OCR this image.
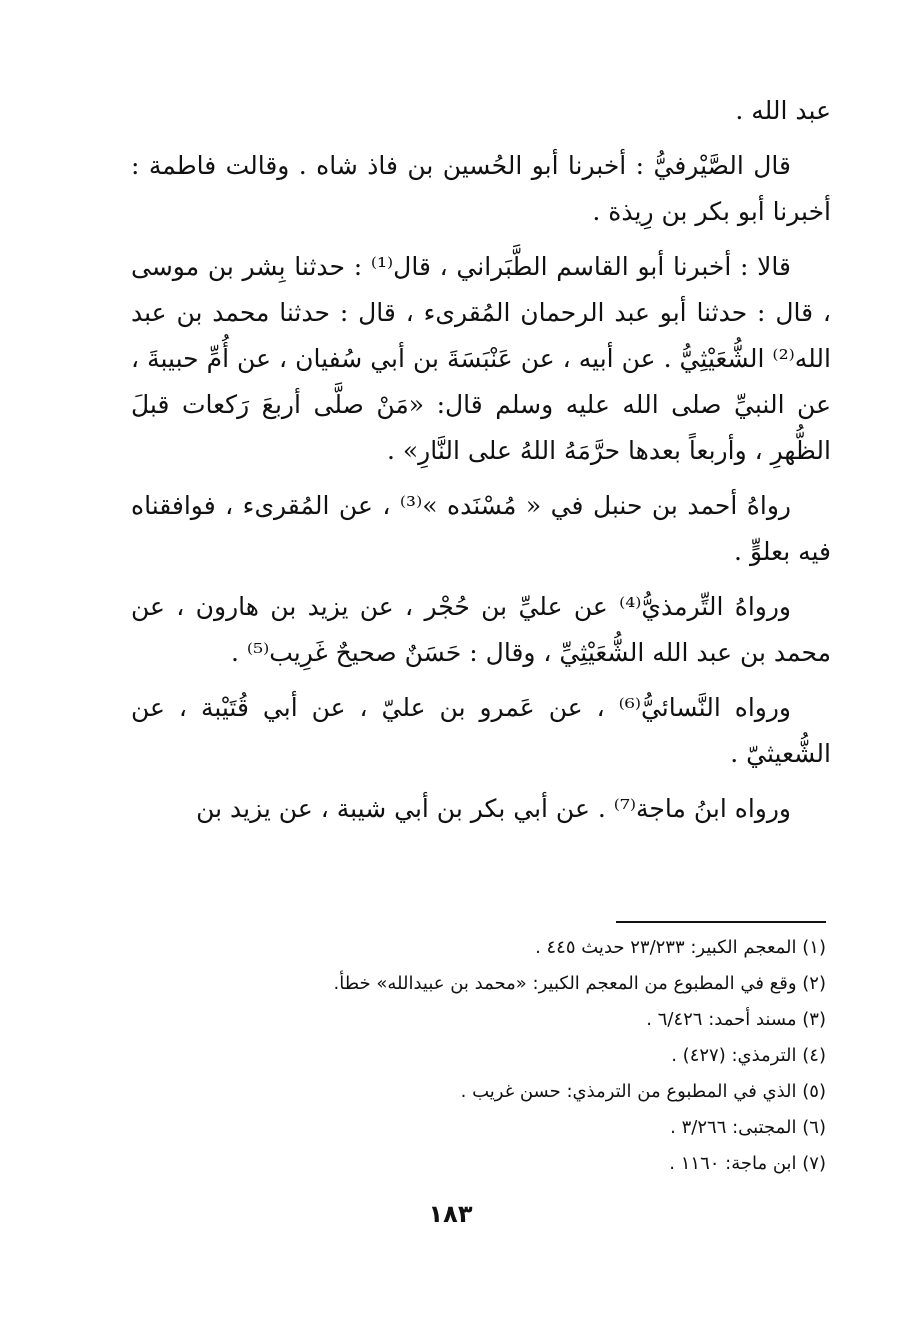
عبد الله .

قال الصَّيْرفيُّ : أخبرنا أبو الحُسين بن فاذ شاه . وقالت فاطمة : أخبرنا أبو بكر بن رِيذة .

قالا : أخبرنا أبو القاسم الطَّبَراني ، قال⁽¹⁾ : حدثنا بِشر بن موسى ، قال : حدثنا أبو عبد الرحمان المُقرىء ، قال : حدثنا محمد بن عبد الله⁽²⁾ الشُّعَيْثِيُّ . عن أبيه ، عن عَنْبَسَةَ بن أبي سُفيان ، عن أُمِّ حبيبةَ ، عن النبيِّ صلى الله عليه وسلم قال: «مَنْ صلَّى أربعَ رَكعات قبلَ الظُّهرِ ، وأربعاً بعدها حرَّمَهُ اللهُ على النَّارِ» .

رواهُ أحمد بن حنبل في « مُسْنَده »⁽³⁾ ، عن المُقرىء ، فوافقناه فيه بعلوٍّ .

ورواهُ التِّرمذيُّ⁽⁴⁾ عن عليِّ بن حُجْر ، عن يزيد بن هارون ، عن محمد بن عبد الله الشُّعَيْثِيِّ ، وقال : حَسَنٌ صحيحٌ غَرِيب⁽⁵⁾ .

ورواه النَّسائيُّ⁽⁶⁾ ، عن عَمرو بن عليّ ، عن أبي قُتَيْبة ، عن الشُّعيثيّ .

ورواه ابنُ ماجة⁽⁷⁾ . عن أبي بكر بن أبي شيبة ، عن يزيد بن

(١) المعجم الكبير: ٢٣/٢٣٣ حديث ٤٤٥ .

(٢) وقع في المطبوع من المعجم الكبير: «محمد بن عبيدالله» خطأ.

(٣) مسند أحمد: ٦/٤٢٦ .

(٤) الترمذي: (٤٢٧) .

(٥) الذي في المطبوع من الترمذي: حسن غريب .

(٦) المجتبى: ٣/٢٦٦ .

(٧) ابن ماجة: ١١٦٠ .

١٨٣
